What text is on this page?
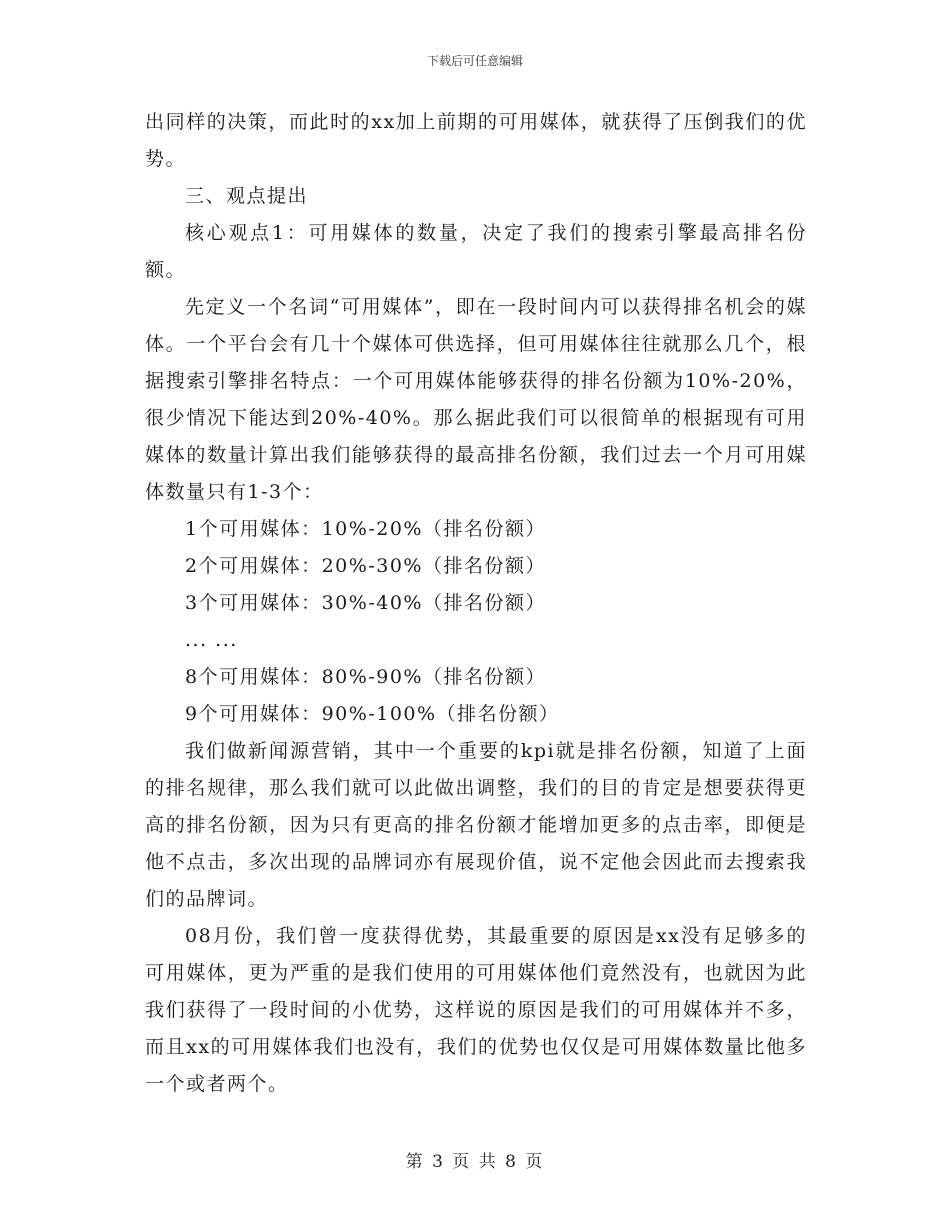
下载后可任意编辑

出同样的决策，而此时的xx加上前期的可用媒体，就获得了压倒我们的优势。

三、观点提出

核心观点1：可用媒体的数量，决定了我们的搜索引擎最高排名份额。

先定义一个名词“可用媒体”，即在一段时间内可以获得排名机会的媒体。一个平台会有几十个媒体可供选择，但可用媒体往往就那么几个，根据搜索引擎排名特点：一个可用媒体能够获得的排名份额为10%-20%，很少情况下能达到20%-40%。那么据此我们可以很简单的根据现有可用媒体的数量计算出我们能够获得的最高排名份额，我们过去一个月可用媒体数量只有1-3个：

1个可用媒体：10%-20%（排名份额）

2个可用媒体：20%-30%（排名份额）

3个可用媒体：30%-40%（排名份额）

... ...

8个可用媒体：80%-90%（排名份额）

9个可用媒体：90%-100%（排名份额）

我们做新闻源营销，其中一个重要的kpi就是排名份额，知道了上面的排名规律，那么我们就可以此做出调整，我们的目的肯定是想要获得更高的排名份额，因为只有更高的排名份额才能增加更多的点击率，即便是他不点击，多次出现的品牌词亦有展现价值，说不定他会因此而去搜索我们的品牌词。

08月份，我们曾一度获得优势，其最重要的原因是xx没有足够多的可用媒体，更为严重的是我们使用的可用媒体他们竟然没有，也就因为此我们获得了一段时间的小优势，这样说的原因是我们的可用媒体并不多，而且xx的可用媒体我们也没有，我们的优势也仅仅是可用媒体数量比他多一个或者两个。

第 3 页 共 8 页
